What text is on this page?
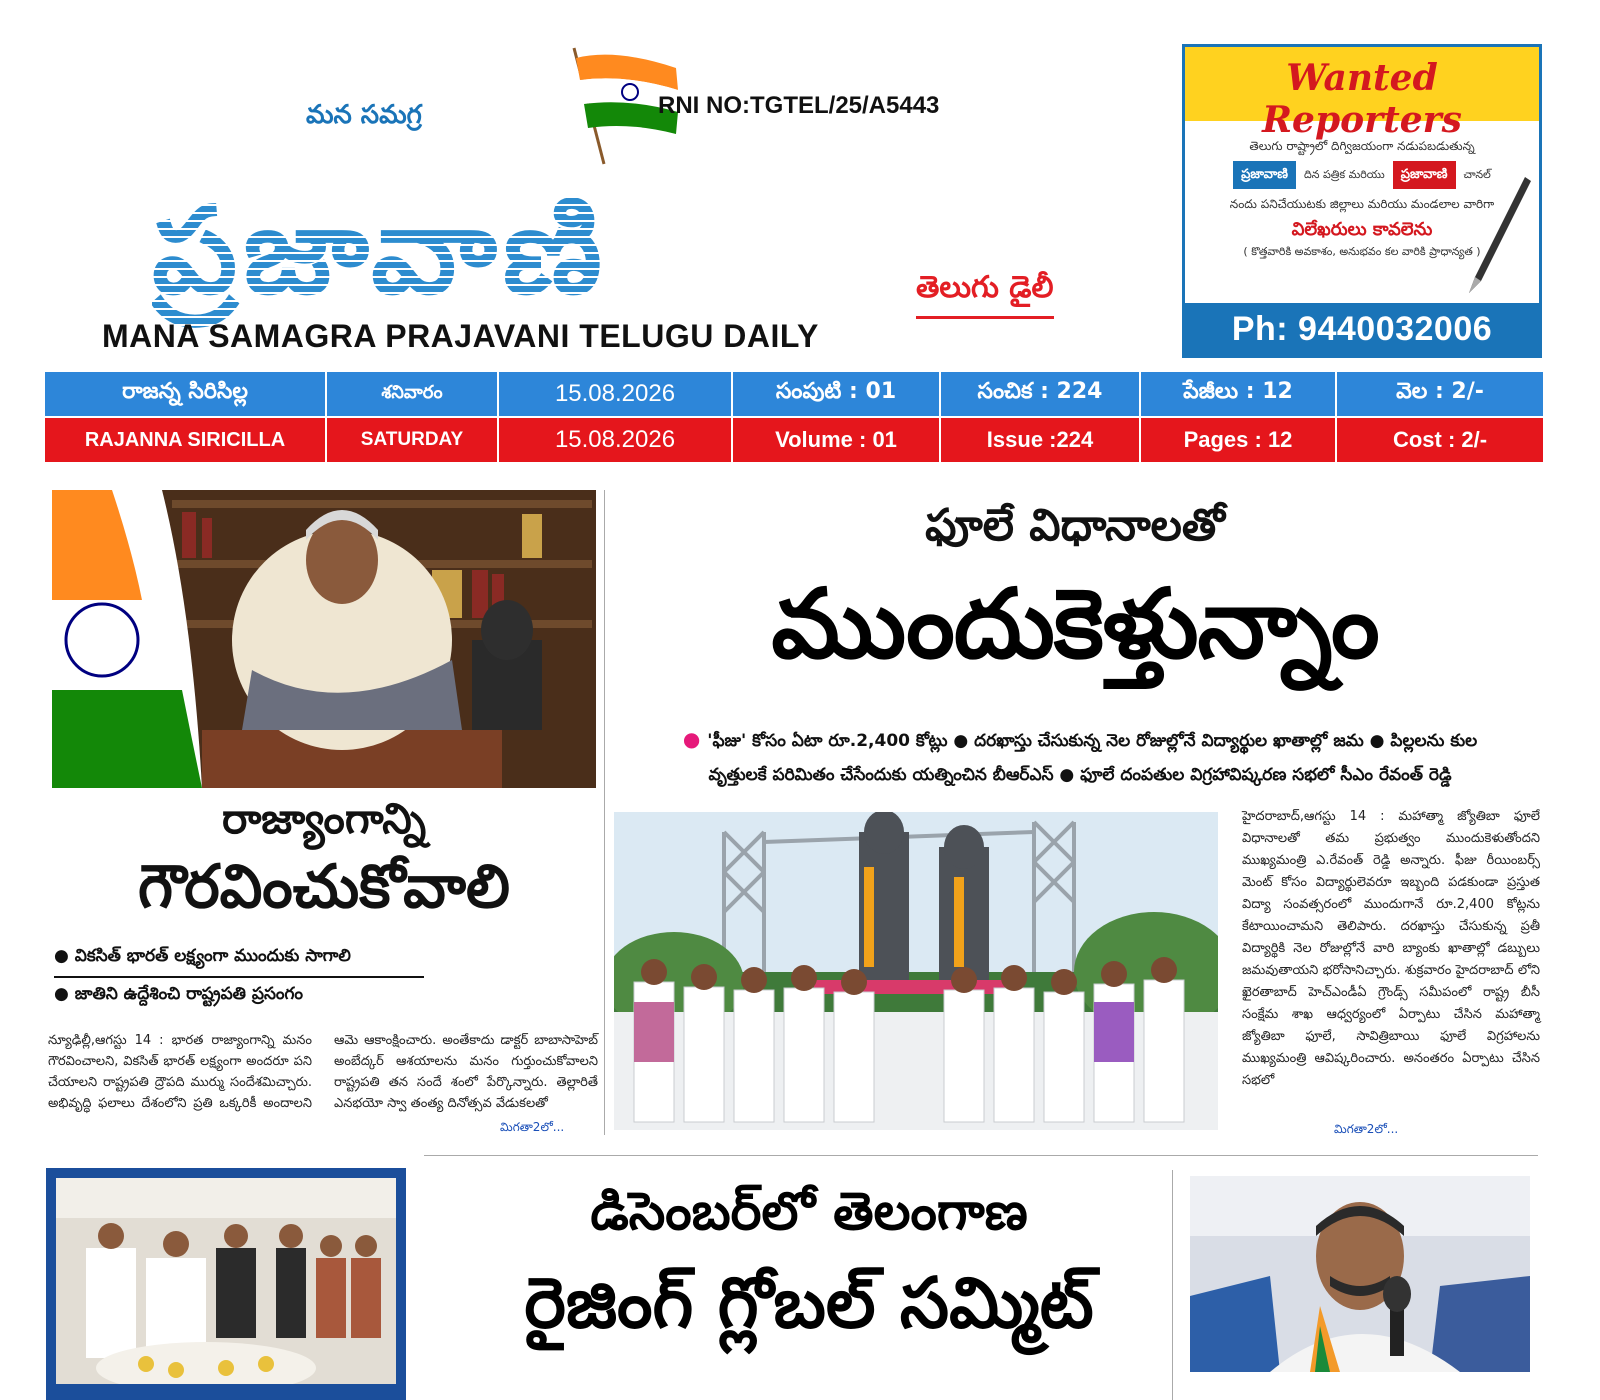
మన సమగ్ర	RNI NO:TGTEL/25/A5443
ప్రజావాణి	తెలుగు డైలీ
MANA SAMAGRA PRAJAVANI TELUGU DAILY
Wanted Reporters
తెలుగు రాష్ట్రాలో దిగ్విజయంగా నడుపబడుతున్న
ప్రజావాణి	దిన పత్రిక మరియు	ప్రజావాణి	చానల్
నందు పనిచేయుటకు జిల్లాలు మరియు మండలాల వారిగా
విలేఖరులు కావలెను
( కొత్తవారికి అవకాశం, అనుభవం కల వారికి ప్రాధాన్యత )
Ph: 9440032006
రాజన్న సిరిసిల్ల	శనివారం	15.08.2026	సంపుటి : 01	సంచిక : 224	పేజీలు : 12	వెల : 2/-
RAJANNA SIRICILLA	SATURDAY	15.08.2026	Volume : 01	Issue :224	Pages : 12	Cost : 2/-
రాజ్యాంగాన్ని
గౌరవించుకోవాలి
● వికసిత్ భారత్ లక్ష్యంగా ముందుకు సాగాలి
● జాతిని ఉద్దేశించి రాష్ట్రపతి ప్రసంగం
న్యూఢిల్లీ,ఆగస్టు 14 : భారత రాజ్యాంగాన్ని మనం గౌరవించాలని, వికసిత్ భారత్ లక్ష్యంగా అందరూ పని చేయాలని రాష్ట్రపతి ద్రౌపది ముర్ము సందేశమిచ్చారు. అభివృద్ధి ఫలాలు దేశంలోని ప్రతి ఒక్కరికీ అందాలని ఆమె ఆకాంక్షించారు. అంతేకాదు డాక్టర్ బాబాసాహెబ్ అంబేద్కర్ ఆశయాలను మనం గుర్తుంచుకోవాలని రాష్ట్రపతి తన సందే శంలో పేర్కొన్నారు. తెల్లారితే ఎనభయో స్వా తంత్య దినోత్సవ వేడుకలతో
మిగతా2లో...
ఫూలే విధానాలతో
ముందుకెళ్తున్నాం
● 'ఫీజు' కోసం ఏటా రూ.2,400 కోట్లు ● దరఖాస్తు చేసుకున్న నెల రోజుల్లోనే విద్యార్థుల ఖాతాల్లో జమ ● పిల్లలను కుల
వృత్తులకే పరిమితం చేసేందుకు యత్నించిన బీఆర్ఎస్ ● ఫూలే దంపతుల విగ్రహావిష్కరణ సభలో సీఎం రేవంత్ రెడ్డి
హైదరాబాద్,ఆగస్టు 14 : మహాత్మా జ్యోతిబా ఫూలే విధానాలతో తమ ప్రభుత్వం ముందుకెళుతోందని ముఖ్యమంత్రి ఎ.రేవంత్ రెడ్డి అన్నారు. ఫీజు రీయింబర్స్ మెంట్ కోసం విద్యార్థులెవరూ ఇబ్బంది పడకుండా ప్రస్తుత విద్యా సంవత్సరంలో ముందుగానే రూ.2,400 కోట్లను కేటాయించామని తెలిపారు. దరఖాస్తు చేసుకున్న ప్రతీ విద్యార్థికి నెల రోజుల్లోనే వారి బ్యాంకు ఖాతాల్లో డబ్బులు జమవుతాయని భరోసానిచ్చారు. శుక్రవారం హైదరాబాద్ లోని ఖైరతాబాద్ హెచ్ఎండీఏ గ్రౌండ్స్ సమీపంలో రాష్ట్ర బీసీ సంక్షేమ శాఖ ఆధ్వర్యంలో ఏర్పాటు చేసిన మహాత్మా జ్యోతిబా ఫూలే, సావిత్రిబాయి ఫూలే విగ్రహాలను ముఖ్యమంత్రి ఆవిష్కరించారు. అనంతరం ఏర్పాటు చేసిన సభలో
మిగతా2లో...
డిసెంబర్‌లో తెలంగాణ
రైజింగ్ గ్లోబల్ సమ్మిట్
